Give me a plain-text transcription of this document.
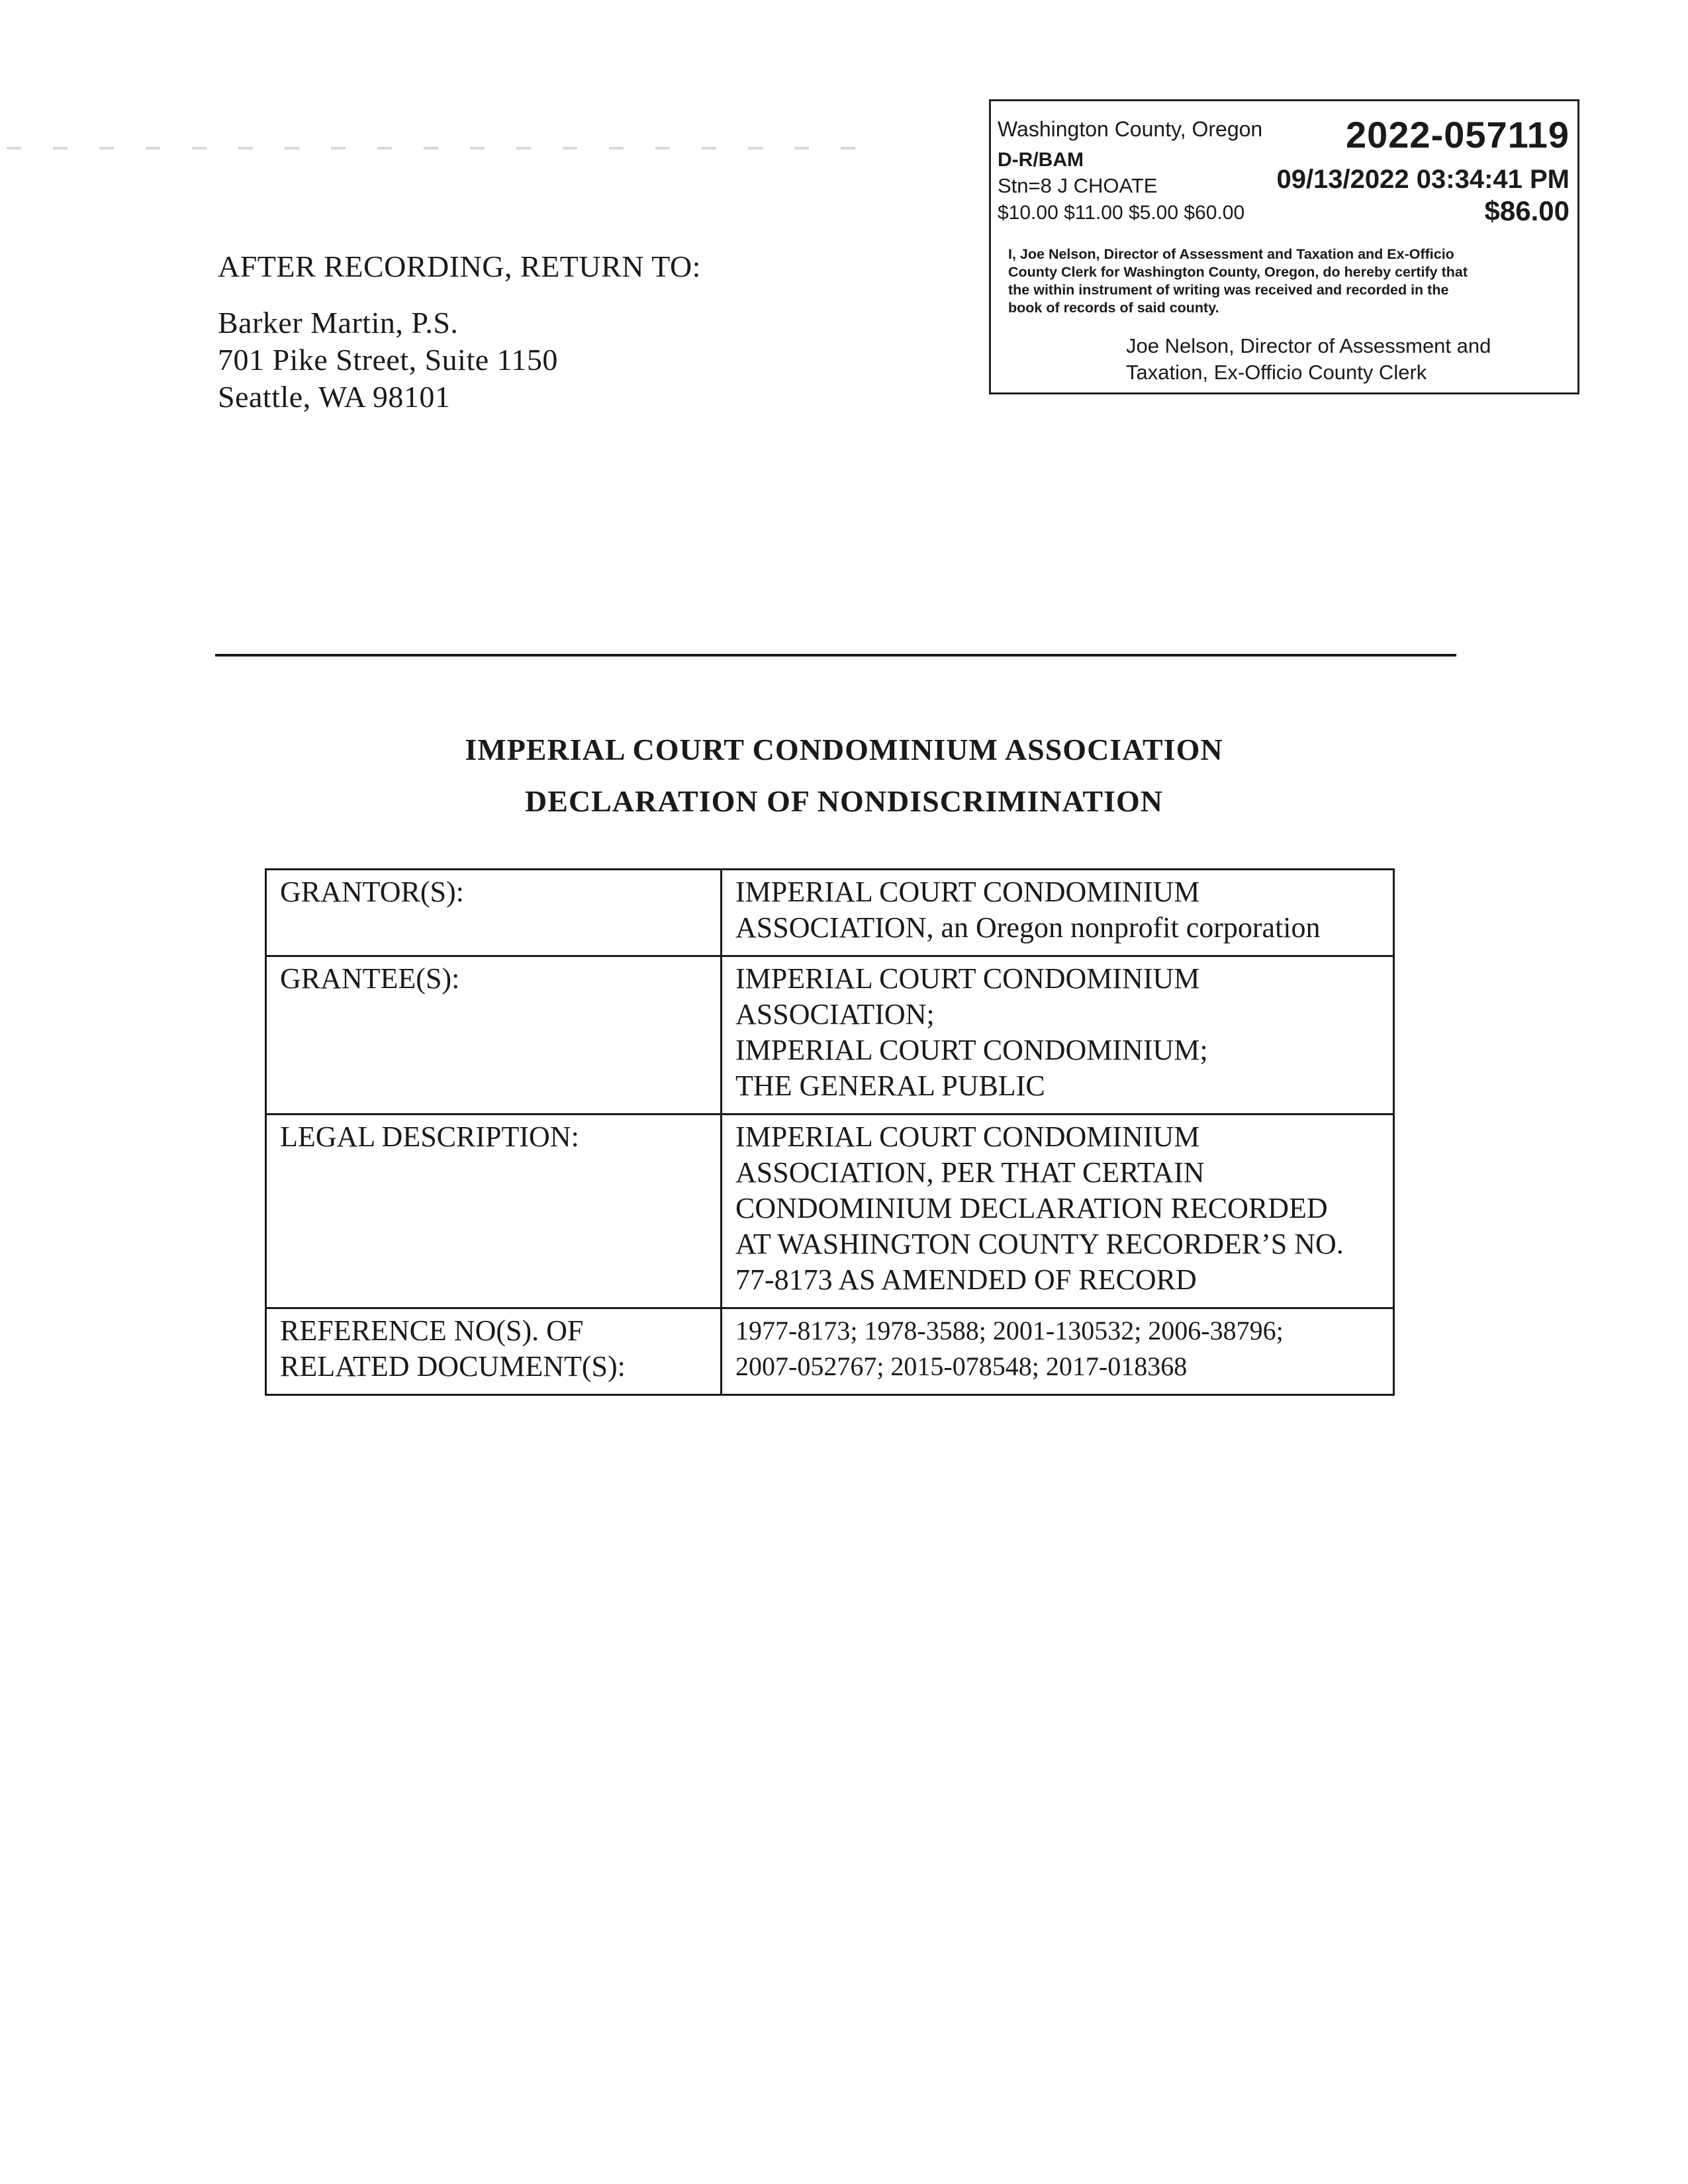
Washington County, Oregon 2022-057119
D-R/BAM
Stn=8 J CHOATE	09/13/2022 03:34:41 PM
$10.00 $11.00 $5.00 $60.00	$86.00
I, Joe Nelson, Director of Assessment and Taxation and Ex-Officio
County Clerk for Washington County, Oregon, do hereby certify that
the within instrument of writing was received and recorded in the
book of records of said county.
Joe Nelson, Director of Assessment and
Taxation, Ex-Officio County Clerk
AFTER RECORDING, RETURN TO:
Barker Martin, P.S.
701 Pike Street, Suite 1150
Seattle, WA 98101
IMPERIAL COURT CONDOMINIUM ASSOCIATION
DECLARATION OF NONDISCRIMINATION
GRANTOR(S):	IMPERIAL COURT CONDOMINIUM
ASSOCIATION, an Oregon nonprofit corporation

GRANTEE(S):	IMPERIAL COURT CONDOMINIUM
ASSOCIATION;
IMPERIAL COURT CONDOMINIUM;
THE GENERAL PUBLIC

LEGAL DESCRIPTION:	IMPERIAL COURT CONDOMINIUM
ASSOCIATION, PER THAT CERTAIN
CONDOMINIUM DECLARATION RECORDED
AT WASHINGTON COUNTY RECORDER’S NO.
77-8173 AS AMENDED OF RECORD

REFERENCE NO(S). OF
RELATED DOCUMENT(S):	1977-8173; 1978-3588; 2001-130532; 2006-38796;
2007-052767; 2015-078548; 2017-018368
